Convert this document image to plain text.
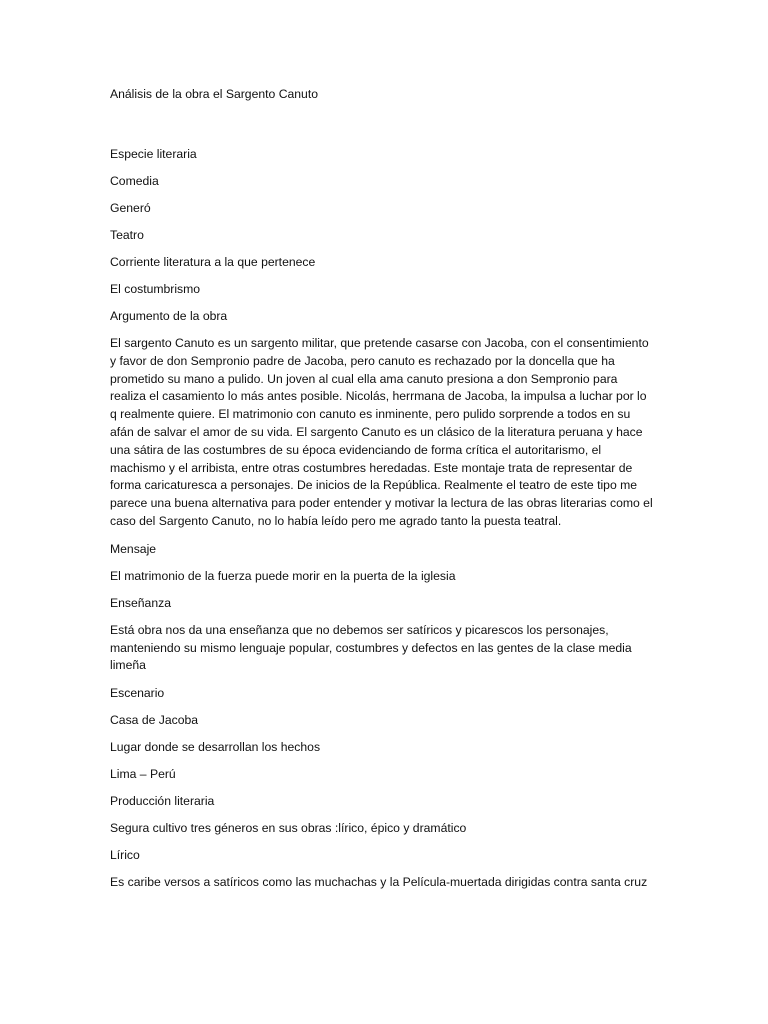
Análisis de la obra el Sargento Canuto
Especie literaria
Comedia
Generó
Teatro
Corriente literatura a la que pertenece
El costumbrismo
Argumento de la obra
El sargento Canuto es un sargento militar, que pretende casarse con Jacoba, con el consentimiento y favor de don Sempronio padre de Jacoba, pero canuto es rechazado por la doncella que ha prometido su mano a pulido. Un joven al cual ella ama canuto presiona a don Sempronio para realiza el casamiento lo más antes posible. Nicolás, herrmana de Jacoba, la impulsa a luchar por lo q realmente quiere. El matrimonio con canuto es inminente, pero pulido sorprende a todos en su afán de salvar el amor de su vida. El sargento Canuto es un clásico de la literatura peruana y hace una sátira de las costumbres de su época evidenciando de forma crítica el autoritarismo, el machismo y el arribista, entre otras costumbres heredadas. Este montaje trata de representar de forma caricaturesca a personajes. De inicios de la República. Realmente el teatro de este tipo me parece una buena alternativa para poder entender y motivar la lectura de las obras literarias como el caso del Sargento Canuto, no lo había leído pero me agrado tanto la puesta teatral.
Mensaje
El matrimonio de la fuerza puede morir en la puerta de la iglesia
Enseñanza
Está obra nos da una enseñanza que no debemos ser satíricos y picarescos los personajes, manteniendo su mismo lenguaje popular, costumbres y defectos en las gentes de la clase media limeña
Escenario
Casa de Jacoba
Lugar donde se desarrollan los hechos
Lima – Perú
Producción literaria
Segura cultivo tres géneros en sus obras :lírico, épico y dramático
Lírico
Es caribe versos a satíricos como las muchachas y la Película-muertada dirigidas contra santa cruz
